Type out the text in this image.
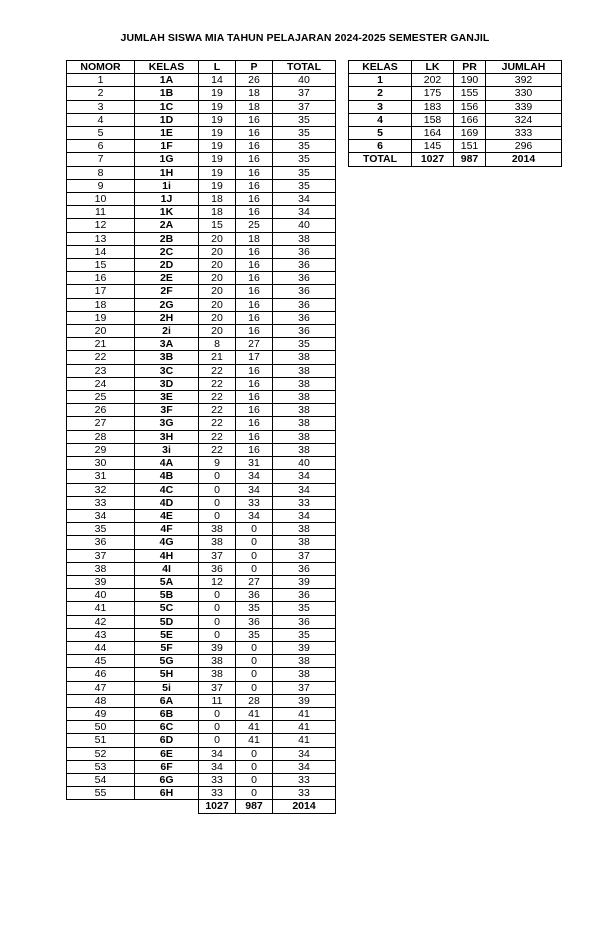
JUMLAH SISWA MIA TAHUN PELAJARAN 2024-2025 SEMESTER GANJIL
NOMOR	KELAS	L	P	TOTAL
1	1A	14	26	40
2	1B	19	18	37
3	1C	19	18	37
4	1D	19	16	35
5	1E	19	16	35
6	1F	19	16	35
7	1G	19	16	35
8	1H	19	16	35
9	1i	19	16	35
10	1J	18	16	34
11	1K	18	16	34
12	2A	15	25	40
13	2B	20	18	38
14	2C	20	16	36
15	2D	20	16	36
16	2E	20	16	36
17	2F	20	16	36
18	2G	20	16	36
19	2H	20	16	36
20	2i	20	16	36
21	3A	8	27	35
22	3B	21	17	38
23	3C	22	16	38
24	3D	22	16	38
25	3E	22	16	38
26	3F	22	16	38
27	3G	22	16	38
28	3H	22	16	38
29	3i	22	16	38
30	4A	9	31	40
31	4B	0	34	34
32	4C	0	34	34
33	4D	0	33	33
34	4E	0	34	34
35	4F	38	0	38
36	4G	38	0	38
37	4H	37	0	37
38	4I	36	0	36
39	5A	12	27	39
40	5B	0	36	36
41	5C	0	35	35
42	5D	0	36	36
43	5E	0	35	35
44	5F	39	0	39
45	5G	38	0	38
46	5H	38	0	38
47	5i	37	0	37
48	6A	11	28	39
49	6B	0	41	41
50	6C	0	41	41
51	6D	0	41	41
52	6E	34	0	34
53	6F	34	0	34
54	6G	33	0	33
55	6H	33	0	33
		1027	987	2014
KELAS	LK	PR	JUMLAH
1	202	190	392
2	175	155	330
3	183	156	339
4	158	166	324
5	164	169	333
6	145	151	296
TOTAL	1027	987	2014
